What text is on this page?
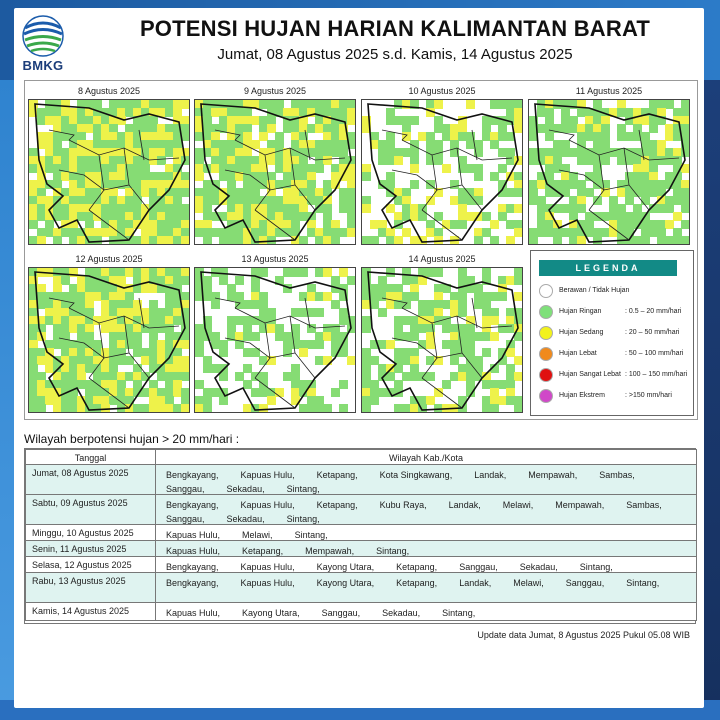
BMKG
POTENSI HUJAN HARIAN KALIMANTAN BARAT
Jumat, 08 Agustus 2025 s.d. Kamis, 14 Agustus 2025
8 Agustus 2025	9 Agustus 2025	10 Agustus 2025	11 Agustus 2025
12 Agustus 2025	13 Agustus 2025	14 Agustus 2025
LEGENDA
Berawan / Tidak Hujan
Hujan Ringan	: 0.5 – 20 mm/hari
Hujan Sedang	: 20 – 50 mm/hari
Hujan Lebat	: 50 – 100 mm/hari
Hujan Sangat Lebat : 100 – 150 mm/hari
Hujan Ekstrem	: >150 mm/hari
Wilayah berpotensi hujan > 20 mm/hari :
Tanggal	Wilayah Kab./Kota
Jumat, 08 Agustus 2025	Bengkayang, Kapuas Hulu, Ketapang, Kota Singkawang, Landak, Mempawah, Sambas,Sanggau, Sekadau, Sintang,
Sabtu, 09 Agustus 2025	Bengkayang, Kapuas Hulu, Ketapang, Kubu Raya, Landak, Melawi, Mempawah, Sambas,Sanggau, Sekadau, Sintang,
Minggu, 10 Agustus 2025	Kapuas Hulu, Melawi, Sintang,
Senin, 11 Agustus 2025	Kapuas Hulu, Ketapang, Mempawah, Sintang,
Selasa, 12 Agustus 2025	Bengkayang, Kapuas Hulu, Kayong Utara, Ketapang, Sanggau, Sekadau, Sintang,
Rabu, 13 Agustus 2025	Bengkayang, Kapuas Hulu, Kayong Utara, Ketapang, Landak, Melawi, Sanggau, Sintang,
Kamis, 14 Agustus 2025	Kapuas Hulu, Kayong Utara, Sanggau, Sekadau, Sintang,
Update data Jumat, 8 Agustus 2025 Pukul 05.08 WIB
